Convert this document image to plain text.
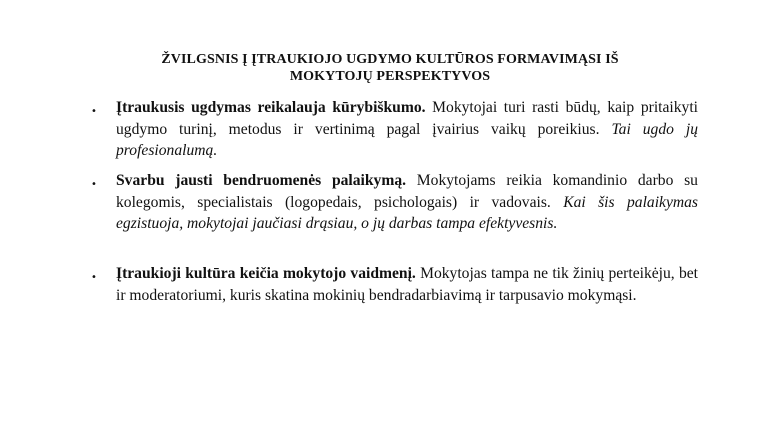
ŽVILGSNIS Į ĮTRAUKIOJO UGDYMO KULTŪROS FORMAVIMĄSI IŠ
MOKYTOJŲ PERSPEKTYVOS
• Įtraukusis ugdymas reikalauja kūrybiškumo. Mokytojai turi rasti būdų, kaip pritaikyti ugdymo turinį, metodus ir vertinimą pagal įvairius vaikų poreikius. Tai ugdo jų profesionalumą.
• Svarbu jausti bendruomenės palaikymą. Mokytojams reikia komandinio darbo su kolegomis, specialistais (logopedais, psichologais) ir vadovais. Kai šis palaikymas egzistuoja, mokytojai jaučiasi drąsiau, o jų darbas tampa efektyvesnis.
• Įtraukioji kultūra keičia mokytojo vaidmenį. Mokytojas tampa ne tik žinių perteikėju, bet ir moderatoriumi, kuris skatina mokinių bendradarbiavimą ir tarpusavio mokymąsi.
